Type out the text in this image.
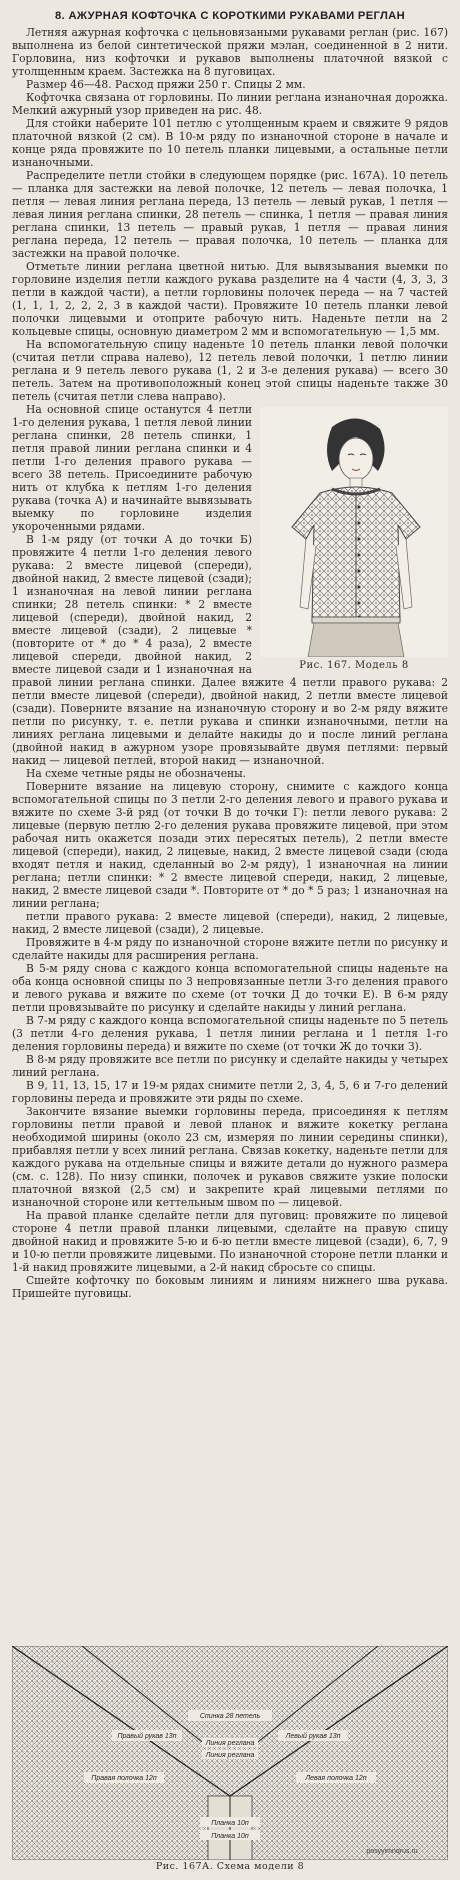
8. АЖУРНАЯ КОФТОЧКА С КОРОТКИМИ РУКАВАМИ РЕГЛАН

Летняя ажурная кофточка с цельновязаными рукавами реглан (рис. 167) выполнена из белой синтетической пряжи мэлан, соединенной в 2 нити. Горловина, низ кофточки и рукавов выполнены платочной вязкой с утолщенным краем. Застежка на 8 пуговицах.

Размер 46—48. Расход пряжи 250 г. Спицы 2 мм.

Кофточка связана от горловины. По линии реглана изнаночная дорожка. Мелкий ажурный узор приведен на рис. 48.

Для стойки наберите 101 петлю с утолщенным краем и свяжите 9 рядов платочной вязкой (2 см). В 10-м ряду по изнаночной стороне в начале и конце ряда провяжите по 10 петель планки лицевыми, а остальные петли изнаночными.

Распределите петли стойки в следующем порядке (рис. 167А). 10 петель — планка для застежки на левой полочке, 12 петель — левая полочка, 1 петля — левая линия реглана переда, 13 петель — левый рукав, 1 петля — левая линия реглана спинки, 28 петель — спинка, 1 петля — правая линия реглана спинки, 13 петель — правый рукав, 1 петля — правая линия реглана переда, 12 петель — правая полочка, 10 петель — планка для застежки на правой полочке.

Отметьте линии реглана цветной нитью. Для вывязывания выемки по горловине изделия петли каждого рукава разделите на 4 части (4, 3, 3, 3 петли в каждой части), а петли горловины полочек переда — на 7 частей (1, 1, 1, 2, 2, 2, 3 в каждой части). Провяжите 10 петель планки левой полочки лицевыми и отоприте рабочую нить. Наденьте петли на 2 кольцевые спицы, основную диаметром 2 мм и вспомогательную — 1,5 мм.

На вспомогательную спицу наденьте 10 петель планки левой полочки (считая петли справа налево), 12 петель левой полочки, 1 петлю линии реглана и 9 петель левого рукава (1, 2 и 3-е деления рукава) — всего 30 петель. Затем на противоположный конец этой спицы наденьте также 30 петель (считая петли слева направо).

Рис. 167. Модель 8

На основной спице останутся 4 петли 1-го деления рукава, 1 петля левой линии реглана спинки, 28 петель спинки, 1 петля правой линии реглана спинки и 4 петли 1-го деления правого рукава — всего 38 петель. Присоедините рабочую нить от клубка к петлям 1-го деления рукава (точка А) и начинайте вывязывать выемку по горловине изделия укороченными рядами.

В 1-м ряду (от точки А до точки Б) провяжите 4 петли 1-го деления левого рукава: 2 вместе лицевой (спереди), двойной накид, 2 вместе лицевой (сзади); 1 изнаночная на левой линии реглана спинки; 28 петель спинки: * 2 вместе лицевой (спереди), двойной накид, 2 вместе лицевой (сзади), 2 лицевые * (повторите от * до * 4 раза), 2 вместе лицевой спереди, двойной накид, 2 вместе лицевой сзади и 1 изнаночная на правой линии реглана спинки. Далее вяжите 4 петли правого рукава: 2 петли вместе лицевой (спереди), двойной накид, 2 петли вместе лицевой (сзади). Поверните вязание на изнаночную сторону и во 2-м ряду вяжите петли по рисунку, т. е. петли рукава и спинки изнаночными, петли на линиях реглана лицевыми и делайте накиды до и после линий реглана (двойной накид в ажурном узоре провязывайте двумя петлями: первый накид — лицевой петлей, второй накид — изнаночной.

На схеме четные ряды не обозначены.

Поверните вязание на лицевую сторону, снимите с каждого конца вспомогательной спицы по 3 петли 2-го деления левого и правого рукава и вяжите по схеме 3-й ряд (от точки В до точки Г): петли левого рукава: 2 лицевые (первую петлю 2-го деления рукава провяжите лицевой, при этом рабочая нить окажется позади этих пересятых петель), 2 петли вместе лицевой (спереди), накид, 2 лицевые, накид, 2 вместе лицевой сзади (сюда входят петля и накид, сделанный во 2-м ряду), 1 изнаночная на линии реглана; петли спинки: * 2 вместе лицевой спереди, накид, 2 лицевые, накид, 2 вместе лицевой сзади *. Повторите от * до * 5 раз; 1 изнаночная на линии реглана;

петли правого рукава: 2 вместе лицевой (спереди), накид, 2 лицевые, накид, 2 вместе лицевой (сзади), 2 лицевые.

Провяжите в 4-м ряду по изнаночной стороне вяжите петли по рисунку и сделайте накиды для расширения реглана.

В 5-м ряду снова с каждого конца вспомогательной спицы наденьте на оба конца основной спицы по 3 непровязанные петли 3-го деления правого и левого рукава и вяжите по схеме (от точки Д до точки Е). В 6-м ряду петли провязывайте по рисунку и сделайте накиды у линий реглана.

В 7-м ряду с каждого конца вспомогательной спицы наденьте по 5 петель (3 петли 4-го деления рукава, 1 петля линии реглана и 1 петля 1-го деления горловины переда) и вяжите по схеме (от точки Ж до точки З).

В 8-м ряду провяжите все петли по рисунку и сделайте накиды у четырех линий реглана.

В 9, 11, 13, 15, 17 и 19-м рядах снимите петли 2, 3, 4, 5, 6 и 7-го делений горловины переда и провяжите эти ряды по схеме.

Закончите вязание выемки горловины переда, присоединяя к петлям горловины петли правой и левой планок и вяжите кокетку реглана необходимой ширины (около 23 см, измеряя по линии середины спинки), прибавляя петли у всех линий реглана. Связав кокетку, наденьте петли для каждого рукава на отдельные спицы и вяжите детали до нужного размера (см. с. 128). По низу спинки, полочек и рукавов свяжите узкие полоски платочной вязкой (2,5 см) и закрепите край лицевыми петлями по изнаночной стороне или кеттельным швом по — лицевой.

На правой планке сделайте петли для пуговиц: провяжите по лицевой стороне 4 петли правой планки лицевыми, сделайте на правую спицу двойной накид и провяжите 5-ю и 6-ю петли вместе лицевой (сзади), 6, 7, 9 и 10-ю петли провяжите лицевыми. По изнаночной стороне петли планки и 1-й накид провяжите лицевыми, а 2-й накид сбросьте со спицы.

Сшейте кофточку по боковым линиям и линиям нижнего шва рукава. Пришейте пуговицы.

Спинка 28 петель
Правый рукав 13п	Левый рукав 13п
Линия реглана
Линия реглана
Правая полочка 12п	Левая полочка 12п
Планка 10п
Планка 10п
posyyimnqrus.ru
Рис. 167А. Схема модели 8
